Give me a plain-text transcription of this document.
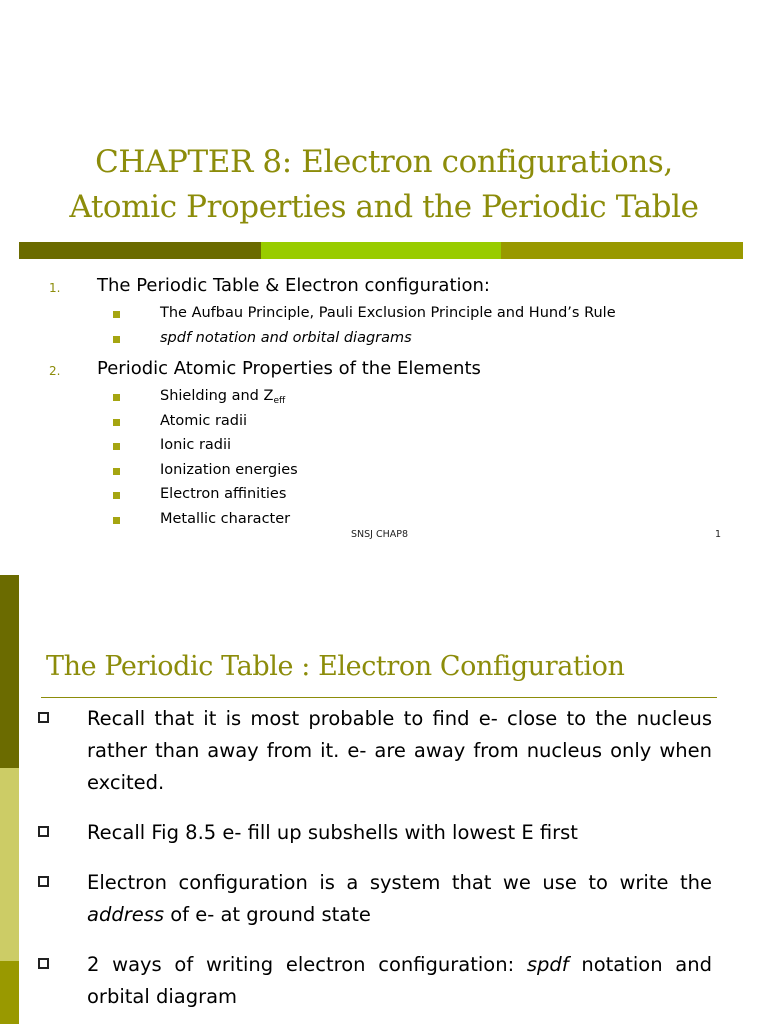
CHAPTER 8: Electron configurations,
Atomic Properties and the Periodic Table
1. The Periodic Table & Electron configuration:
The Aufbau Principle, Pauli Exclusion Principle and Hund’s Rule
spdf notation and orbital diagrams
2. Periodic Atomic Properties of the Elements
Shielding and $Z_{eff}$
Atomic radii
Ionic radii
Ionization energies
Electron affinities
Metallic character
SNSJ CHAP8	1
The Periodic Table : Electron Configuration
Recall that it is most probable to find e- close to the nucleus rather than away from it. e- are away from nucleus only when excited.
Recall Fig 8.5 e- fill up subshells with lowest E first
Electron configuration is a system that we use to write the address of e- at ground state
2 ways of writing electron configuration: spdf notation and orbital diagram
